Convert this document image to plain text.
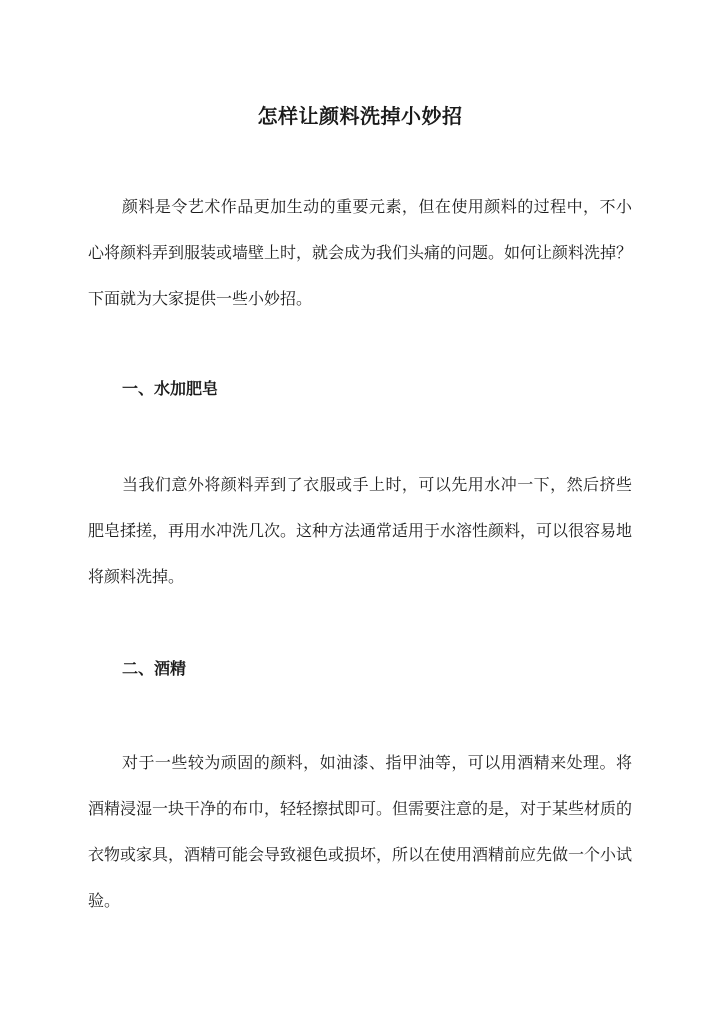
怎样让颜料洗掉小妙招

颜料是令艺术作品更加生动的重要元素，但在使用颜料的过程中，不小心将颜料弄到服装或墙壁上时，就会成为我们头痛的问题。如何让颜料洗掉？下面就为大家提供一些小妙招。

一、水加肥皂

当我们意外将颜料弄到了衣服或手上时，可以先用水冲一下，然后挤些肥皂揉搓，再用水冲洗几次。这种方法通常适用于水溶性颜料，可以很容易地将颜料洗掉。

二、酒精

对于一些较为顽固的颜料，如油漆、指甲油等，可以用酒精来处理。将酒精浸湿一块干净的布巾，轻轻擦拭即可。但需要注意的是，对于某些材质的衣物或家具，酒精可能会导致褪色或损坏，所以在使用酒精前应先做一个小试验。
